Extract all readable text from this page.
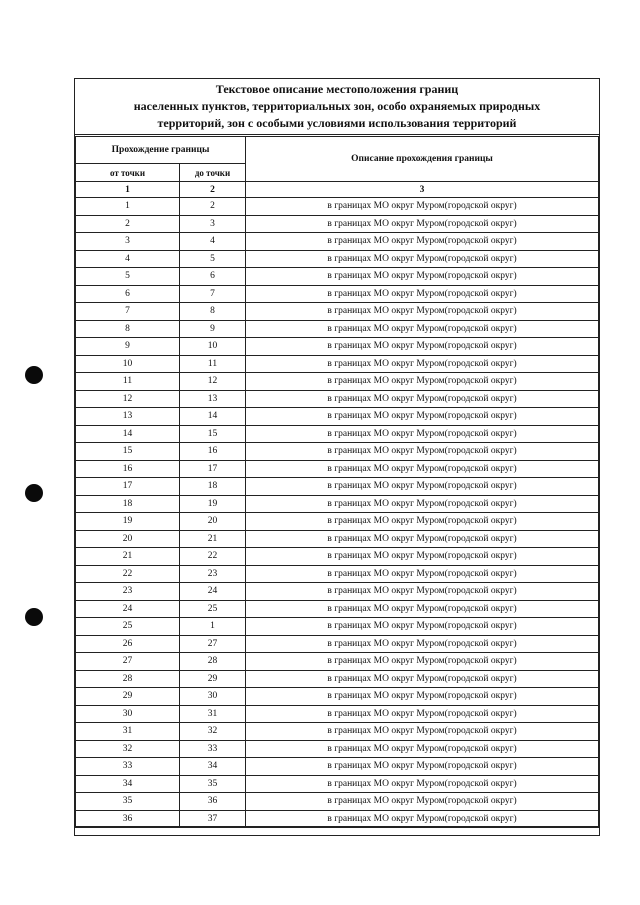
Текстовое описание местоположения границ
населенных пунктов, территориальных зон, особо охраняемых природных
территорий, зон с особыми условиями использования территорий
Прохождение границы		Описание прохождения границы
от точки	до точки	
1	2	3
1	2	в границах МО округ Муром(городской округ)
2	3	в границах МО округ Муром(городской округ)
3	4	в границах МО округ Муром(городской округ)
4	5	в границах МО округ Муром(городской округ)
5	6	в границах МО округ Муром(городской округ)
6	7	в границах МО округ Муром(городской округ)
7	8	в границах МО округ Муром(городской округ)
8	9	в границах МО округ Муром(городской округ)
9	10	в границах МО округ Муром(городской округ)
10	11	в границах МО округ Муром(городской округ)
11	12	в границах МО округ Муром(городской округ)
12	13	в границах МО округ Муром(городской округ)
13	14	в границах МО округ Муром(городской округ)
14	15	в границах МО округ Муром(городской округ)
15	16	в границах МО округ Муром(городской округ)
16	17	в границах МО округ Муром(городской округ)
17	18	в границах МО округ Муром(городской округ)
18	19	в границах МО округ Муром(городской округ)
19	20	в границах МО округ Муром(городской округ)
20	21	в границах МО округ Муром(городской округ)
21	22	в границах МО округ Муром(городской округ)
22	23	в границах МО округ Муром(городской округ)
23	24	в границах МО округ Муром(городской округ)
24	25	в границах МО округ Муром(городской округ)
25	1	в границах МО округ Муром(городской округ)
26	27	в границах МО округ Муром(городской округ)
27	28	в границах МО округ Муром(городской округ)
28	29	в границах МО округ Муром(городской округ)
29	30	в границах МО округ Муром(городской округ)
30	31	в границах МО округ Муром(городской округ)
31	32	в границах МО округ Муром(городской округ)
32	33	в границах МО округ Муром(городской округ)
33	34	в границах МО округ Муром(городской округ)
34	35	в границах МО округ Муром(городской округ)
35	36	в границах МО округ Муром(городской округ)
36	37	в границах МО округ Муром(городской округ)
